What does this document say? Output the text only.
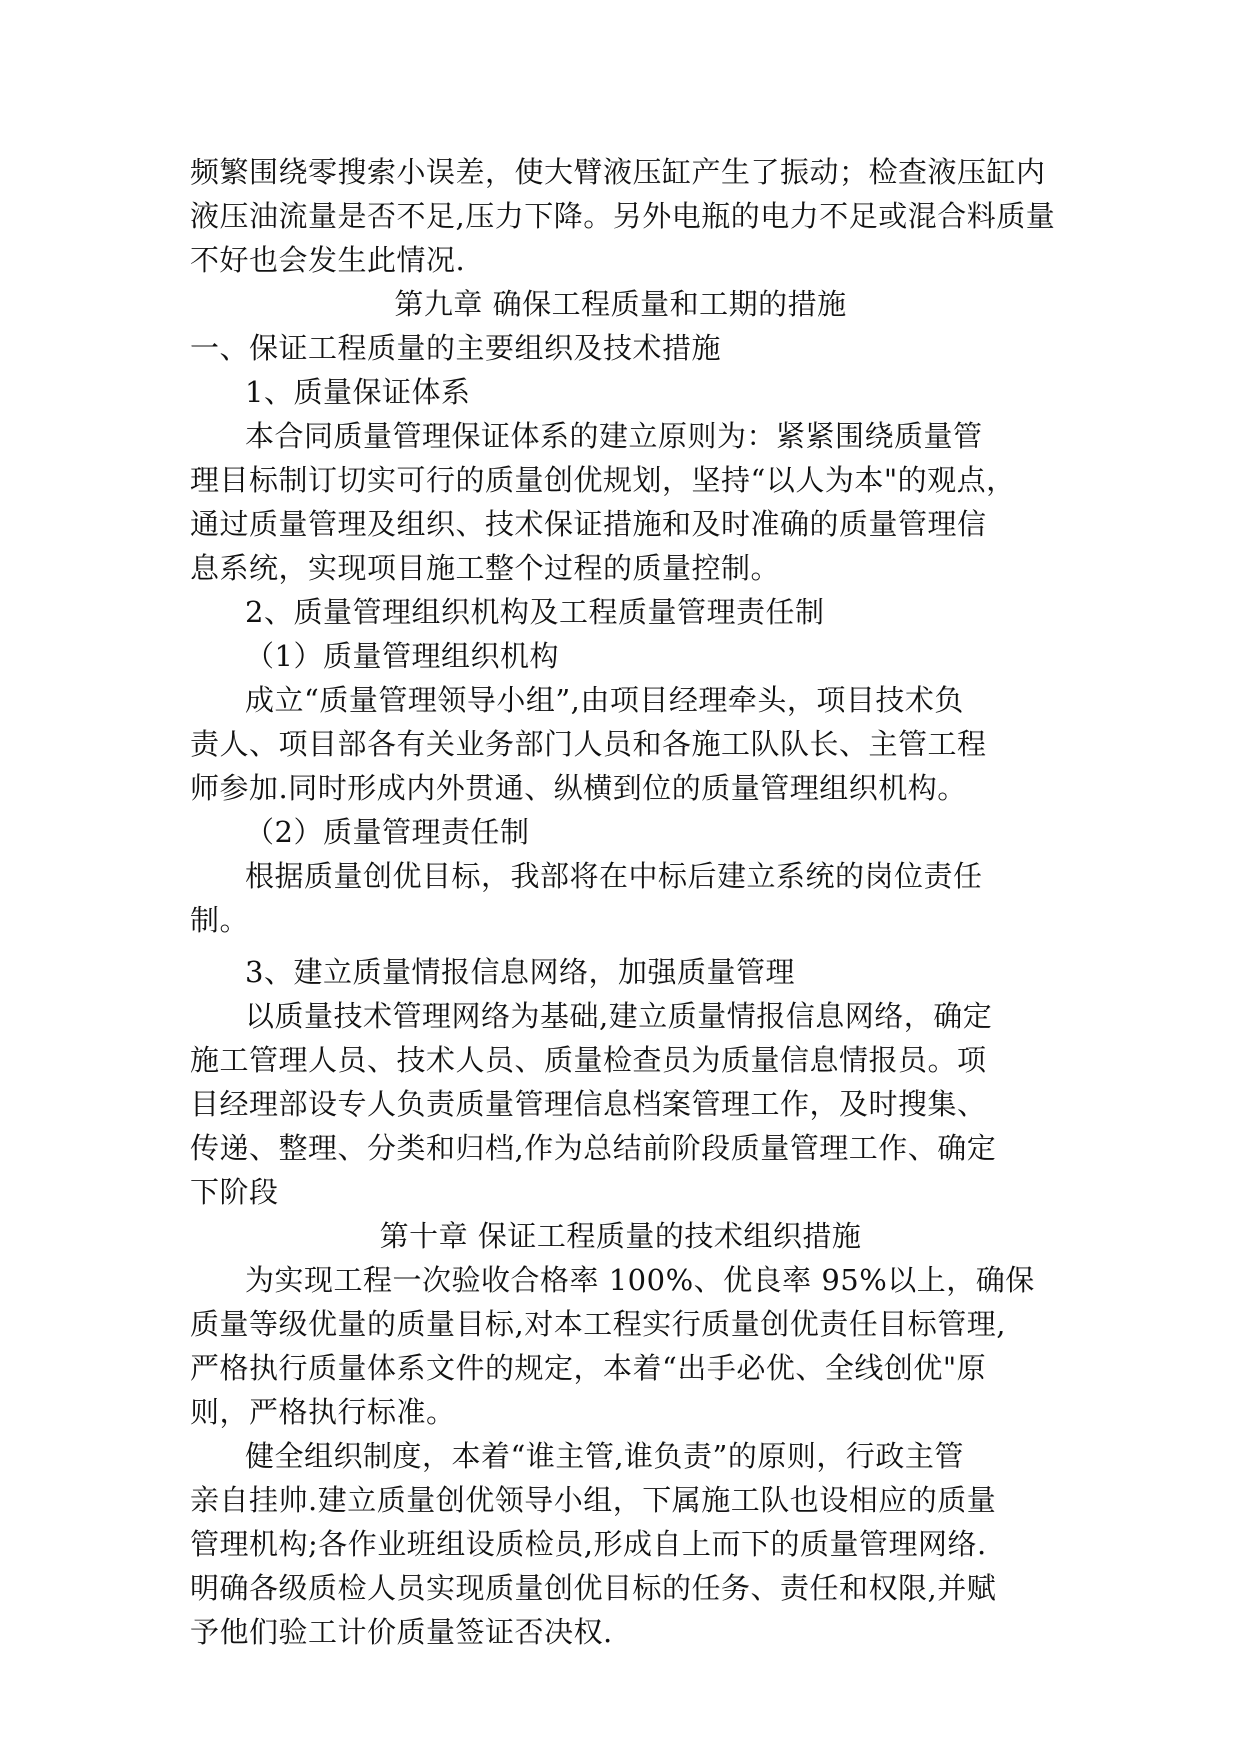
频繁围绕零搜索小误差，使大臂液压缸产生了振动；检查液压缸内
液压油流量是否不足,压力下降。另外电瓶的电力不足或混合料质量
不好也会发生此情况.
第九章 确保工程质量和工期的措施
一、保证工程质量的主要组织及技术措施
1、质量保证体系
本合同质量管理保证体系的建立原则为：紧紧围绕质量管
理目标制订切实可行的质量创优规划，坚持“以人为本"的观点，
通过质量管理及组织、技术保证措施和及时准确的质量管理信
息系统，实现项目施工整个过程的质量控制。
2、质量管理组织机构及工程质量管理责任制
（1）质量管理组织机构
成立“质量管理领导小组”,由项目经理牵头，项目技术负
责人、项目部各有关业务部门人员和各施工队队长、主管工程
师参加.同时形成内外贯通、纵横到位的质量管理组织机构。
（2）质量管理责任制
根据质量创优目标，我部将在中标后建立系统的岗位责任
制。
3、建立质量情报信息网络，加强质量管理
以质量技术管理网络为基础,建立质量情报信息网络，确定
施工管理人员、技术人员、质量检查员为质量信息情报员。项
目经理部设专人负责质量管理信息档案管理工作，及时搜集、
传递、整理、分类和归档,作为总结前阶段质量管理工作、确定
下阶段
第十章 保证工程质量的技术组织措施
为实现工程一次验收合格率 100%、优良率 95%以上，确保
质量等级优量的质量目标,对本工程实行质量创优责任目标管理,
严格执行质量体系文件的规定，本着“出手必优、全线创优"原
则，严格执行标准。
健全组织制度，本着“谁主管,谁负责”的原则，行政主管
亲自挂帅.建立质量创优领导小组，下属施工队也设相应的质量
管理机构;各作业班组设质检员,形成自上而下的质量管理网络.
明确各级质检人员实现质量创优目标的任务、责任和权限,并赋
予他们验工计价质量签证否决权.
